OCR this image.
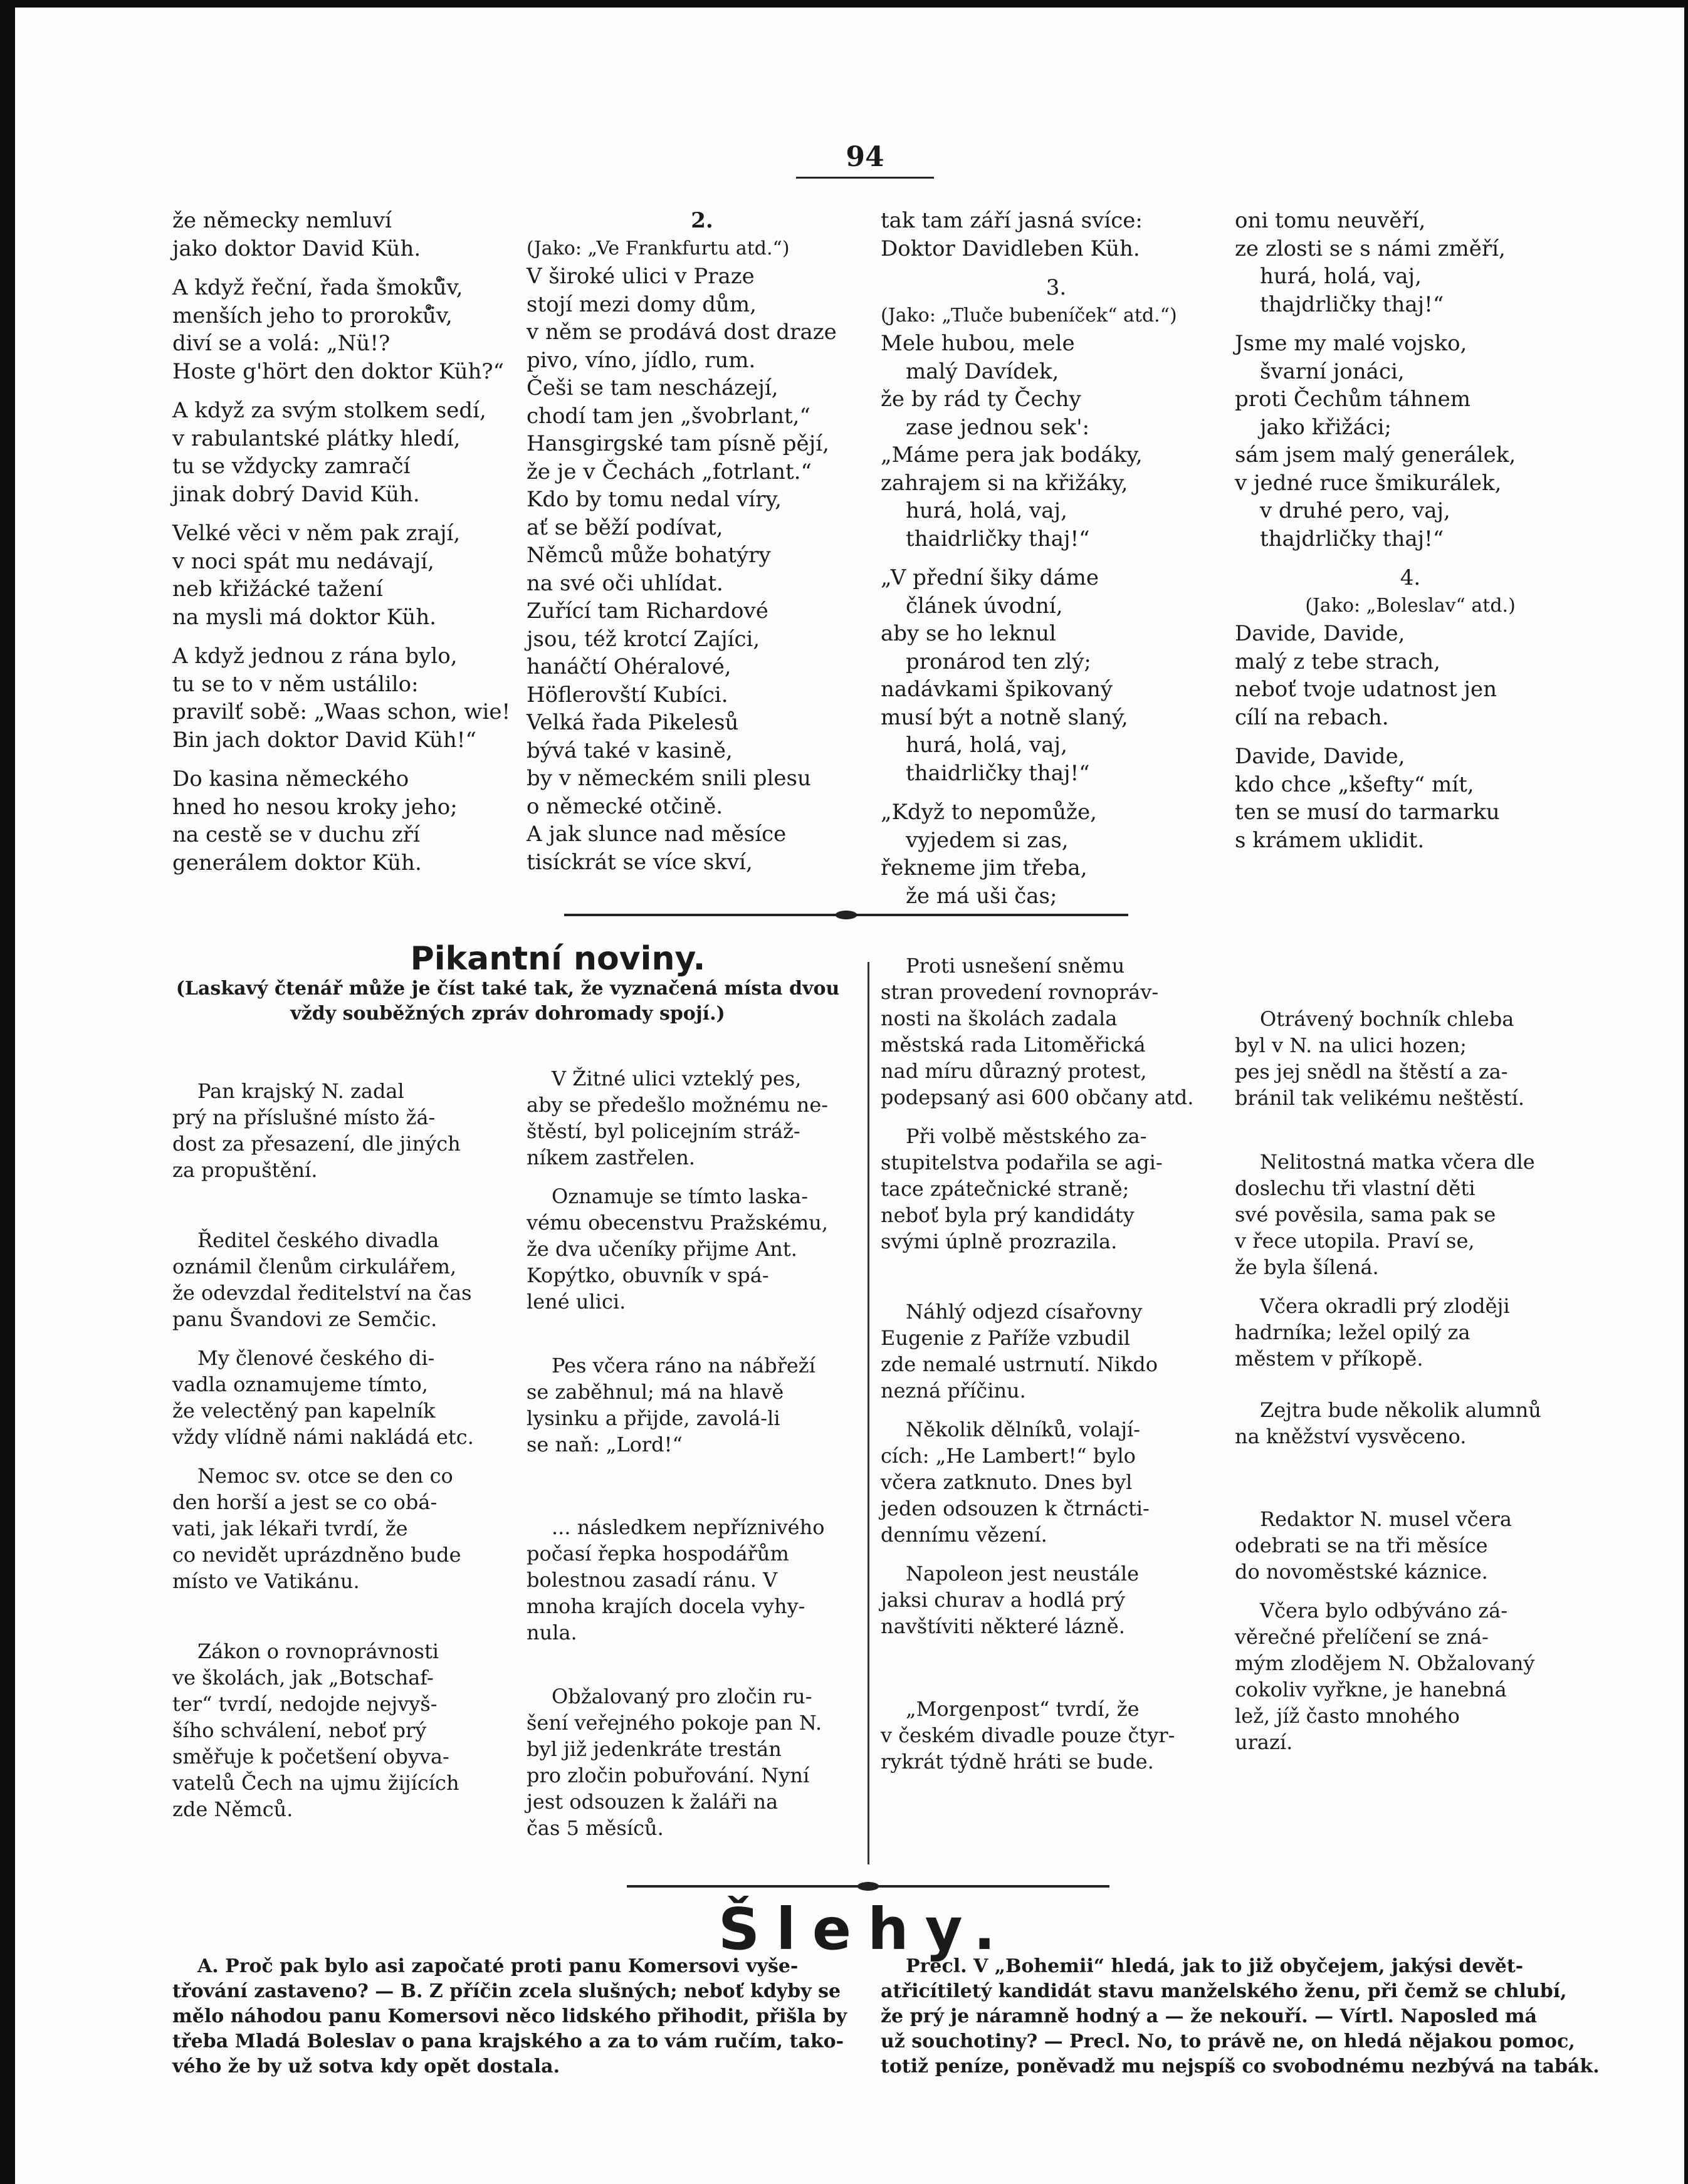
94
že německy nemluví
jako doktor David Küh.
A když řeční, řada šmoků̈v,
menších jeho to proroků̈v,
diví se a volá: „Nü!?
Hoste g'hört den doktor Küh?“
A když za svým stolkem sedí,
v rabulantské plátky hledí,
tu se vždycky zamračí
jinak dobrý David Küh.
Velké věci v něm pak zrají,
v noci spát mu nedávají,
neb křižácké tažení
na mysli má doktor Küh.
A když jednou z rána bylo,
tu se to v něm ustálilo:
pravilť sobě: „Waas schon, wie!
Bin jach doktor David Küh!“
Do kasina německého
hned ho nesou kroky jeho;
na cestě se v duchu zří
generálem doktor Küh.
2.
(Jako: „Ve Frankfurtu atd.“)
V široké ulici v Praze
stojí mezi domy dům,
v něm se prodává dost draze
pivo, víno, jídlo, rum.
Češi se tam nescházejí,
chodí tam jen „švobrlant,“
Hansgirgské tam písně pějí,
že je v Čechách „fotrlant.“
Kdo by tomu nedal víry,
ať se běží podívat,
Němců může bohatýry
na své oči uhlídat.
Zuřící tam Richardové
jsou, též krotcí Zajíci,
hanáčtí Ohéralové,
Höflerovští Kubíci.
Velká řada Pikelesů
bývá také v kasině,
by v německém snili plesu
o německé otčině.
A jak slunce nad měsíce
tisíckrát se více skví,
tak tam září jasná svíce:
Doktor Davidleben Küh.
3.
(Jako: „Tluče bubeníček“ atd.“)
Mele hubou, mele
malý Davídek,
že by rád ty Čechy
zase jednou sek':
„Máme pera jak bodáky,
zahrajem si na křižáky,
hurá, holá, vaj,
thaidrličky thaj!“
„V přední šiky dáme
článek úvodní,
aby se ho leknul
pronárod ten zlý;
nadávkami špikovaný
musí být a notně slaný,
hurá, holá, vaj,
thaidrličky thaj!“
„Když to nepomůže,
vyjedem si zas,
řekneme jim třeba,
že má uši čas;
oni tomu neuvěří,
ze zlosti se s námi změří,
hurá, holá, vaj,
thajdrličky thaj!“
Jsme my malé vojsko,
švarní jonáci,
proti Čechům táhnem
jako křižáci;
sám jsem malý generálek,
v jedné ruce šmikurálek,
v druhé pero, vaj,
thajdrličky thaj!“
4.
(Jako: „Boleslav“ atd.)
Davide, Davide,
malý z tebe strach,
neboť tvoje udatnost jen
cílí na rebach.
Davide, Davide,
kdo chce „kšefty“ mít,
ten se musí do tarmarku
s krámem uklidit.
Pikantní noviny.
(Laskavý čtenář může je číst také tak, že vyznačená místa dvou
vždy souběžných zpráv dohromady spojí.)
Pan krajský N. zadal
prý na příslušné místo žá-
dost za přesazení, dle jiných
za propuštění.
Ředitel českého divadla
oznámil členům cirkulářem,
že odevzdal ředitelství na čas
panu Švandovi ze Semčic.
My členové českého di-
vadla oznamujeme tímto,
že velectěný pan kapelník
vždy vlídně námi nakládá etc.
Nemoc sv. otce se den co
den horší a jest se co obá-
vati, jak lékaři tvrdí, že
co nevidět uprázdněno bude
místo ve Vatikánu.
Zákon o rovnoprávnosti
ve školách, jak „Botschaf-
ter“ tvrdí, nedojde nejvyš-
šího schválení, neboť prý
směřuje k početšení obyva-
vatelů Čech na ujmu žijících
zde Němců.
V Žitné ulici vzteklý pes,
aby se předešlo možnému ne-
štěstí, byl policejním stráž-
níkem zastřelen.
Oznamuje se tímto laska-
vému obecenstvu Pražskému,
že dva učeníky přijme Ant.
Kopýtko, obuvník v spá-
lené ulici.
Pes včera ráno na nábřeží
se zaběhnul; má na hlavě
lysinku a přijde, zavolá-li
se naň: „Lord!“
... následkem nepříznivého
počasí řepka hospodářům
bolestnou zasadí ránu. V
mnoha krajích docela vyhy-
nula.
Obžalovaný pro zločin ru-
šení veřejného pokoje pan N.
byl již jedenkráte trestán
pro zločin pobuřování. Nyní
jest odsouzen k žaláři na
čas 5 měsíců.
Proti usnešení sněmu
stran provedení rovnopráv-
nosti na školách zadala
městská rada Litoměřická
nad míru důrazný protest,
podepsaný asi 600 občany atd.
Při volbě městského za-
stupitelstva podařila se agi-
tace zpátečnické straně;
neboť byla prý kandidáty
svými úplně prozrazila.
Náhlý odjezd císařovny
Eugenie z Paříže vzbudil
zde nemalé ustrnutí. Nikdo
nezná příčinu.
Několik dělníků, volají-
cích: „He Lambert!“ bylo
včera zatknuto. Dnes byl
jeden odsouzen k čtrnácti-
dennímu vězení.
Napoleon jest neustále
jaksi churav a hodlá prý
navštíviti některé lázně.
„Morgenpost“ tvrdí, že
v českém divadle pouze čtyr-
rykrát týdně hráti se bude.
Otrávený bochník chleba
byl v N. na ulici hozen;
pes jej snědl na štěstí a za-
bránil tak velikému neštěstí.
Nelitostná matka včera dle
doslechu tři vlastní děti
své pověsila, sama pak se
v řece utopila. Praví se,
že byla šílená.
Včera okradli prý zloději
hadrníka; ležel opilý za
městem v příkopě.
Zejtra bude několik alumnů
na kněžství vysvěceno.
Redaktor N. musel včera
odebrati se na tři měsíce
do novoměstské káznice.
Včera bylo odbýváno zá-
věrečné přelíčení se zná-
mým zlodějem N. Obžalovaný
cokoliv vyřkne, je hanebná
lež, jíž často mnohého
urazí.
Šlehy.
A. Proč pak bylo asi započaté proti panu Komersovi vyše-
třování zastaveno? — B. Z příčin zcela slušných; neboť kdyby se
mělo náhodou panu Komersovi něco lidského přihodit, přišla by
třeba Mladá Boleslav o pana krajského a za to vám ručím, tako-
vého že by už sotva kdy opět dostala.
Precl. V „Bohemii“ hledá, jak to již obyčejem, jakýsi devět-
atřicítiletý kandidát stavu manželského ženu, při čemž se chlubí,
že prý je náramně hodný a — že nekouří. — Vírtl. Naposled má
už souchotiny? — Precl. No, to právě ne, on hledá nějakou pomoc,
totiž peníze, poněvadž mu nejspíš co svobodnému nezbývá na tabák.
